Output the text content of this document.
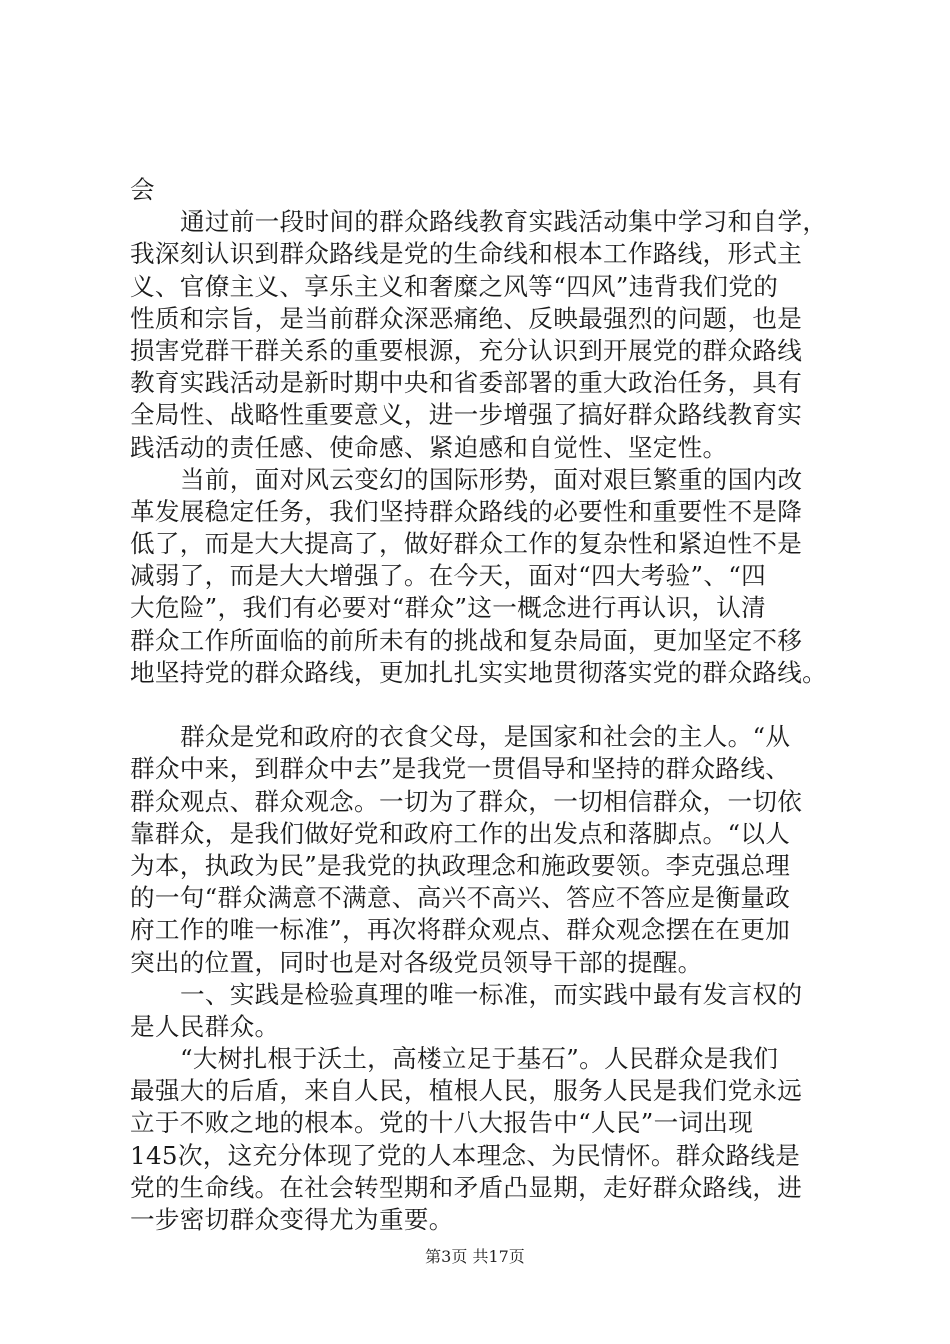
会
通过前一段时间的群众路线教育实践活动集中学习和自学，
我深刻认识到群众路线是党的生命线和根本工作路线，形式主
义、官僚主义、享乐主义和奢糜之风等“四风”违背我们党的
性质和宗旨，是当前群众深恶痛绝、反映最强烈的问题，也是
损害党群干群关系的重要根源，充分认识到开展党的群众路线
教育实践活动是新时期中央和省委部署的重大政治任务，具有
全局性、战略性重要意义，进一步增强了搞好群众路线教育实
践活动的责任感、使命感、紧迫感和自觉性、坚定性。
当前，面对风云变幻的国际形势，面对艰巨繁重的国内改
革发展稳定任务，我们坚持群众路线的必要性和重要性不是降
低了，而是大大提高了，做好群众工作的复杂性和紧迫性不是
减弱了，而是大大增强了。在今天，面对“四大考验”、“四
大危险”，我们有必要对“群众”这一概念进行再认识，认清
群众工作所面临的前所未有的挑战和复杂局面，更加坚定不移
地坚持党的群众路线，更加扎扎实实地贯彻落实党的群众路线。
群众是党和政府的衣食父母，是国家和社会的主人。“从
群众中来，到群众中去”是我党一贯倡导和坚持的群众路线、
群众观点、群众观念。一切为了群众，一切相信群众，一切依
靠群众，是我们做好党和政府工作的出发点和落脚点。“以人
为本，执政为民”是我党的执政理念和施政要领。李克强总理
的一句“群众满意不满意、高兴不高兴、答应不答应是衡量政
府工作的唯一标准”，再次将群众观点、群众观念摆在在更加
突出的位置，同时也是对各级党员领导干部的提醒。
一、实践是检验真理的唯一标准，而实践中最有发言权的
是人民群众。
“大树扎根于沃土，高楼立足于基石”。人民群众是我们
最强大的后盾，来自人民，植根人民，服务人民是我们党永远
立于不败之地的根本。党的十八大报告中“人民”一词出现
145次，这充分体现了党的人本理念、为民情怀。群众路线是
党的生命线。在社会转型期和矛盾凸显期，走好群众路线，进
一步密切群众变得尤为重要。
第3页 共17页
